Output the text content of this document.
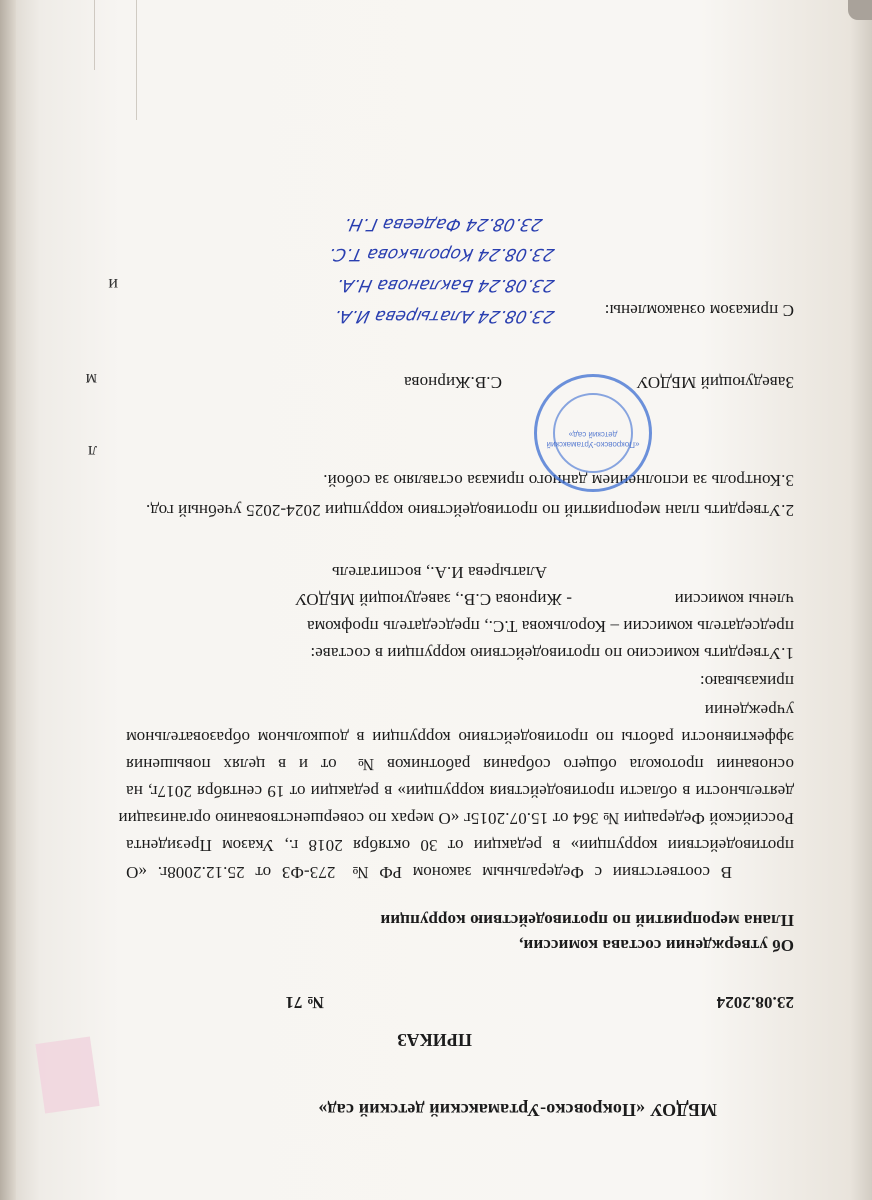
МБДОУ «Покровско-Уртамакский детский сад»
ПРИКАЗ
23.08.2024
№ 71
Об утверждении состава комиссии,
Плана мероприятий по противодействию коррупции
В соответствии с Федеральным законом РФ № 273-ФЗ от 25.12.2008г. «О
противодействии коррупции» в редакции от 30 октября 2018 г., Указом Президента
Российской Федерации № 364 от 15.07.2015г «О мерах по совершенствованию организации
деятельности в области противодействия коррупции» в редакции от 19 сентября 2017г, на
основании протокола общего собрания работников № от и в целях повышения
эффективности работы по противодействию коррупции в дошкольном образовательном
учреждении
приказываю:
1.Утвердить комиссию по противодействию коррупции в составе:
председатель комиссии – Королькова Т.С., председатель профкома
члены комиссии
- Жирнова С.В., заведующий МБДОУ
Алатырева И.А., воспитатель
2.Утвердить план мероприятий по противодействию коррупции 2024-2025 учебный год.
3.Контроль за исполнением данного приказа оставляю за собой.
Заведующий МБДОУ
С.В.Жирнова
«Покровско-Уртамакский детский сад»
С приказом ознакомлены:
23.08.24 Алатырева И.А.
23.08.24 Бакланова Н.А.
23.08.24 Королькова Т.С.
23.08.24 Фадеева Г.Н.
м
и
л
